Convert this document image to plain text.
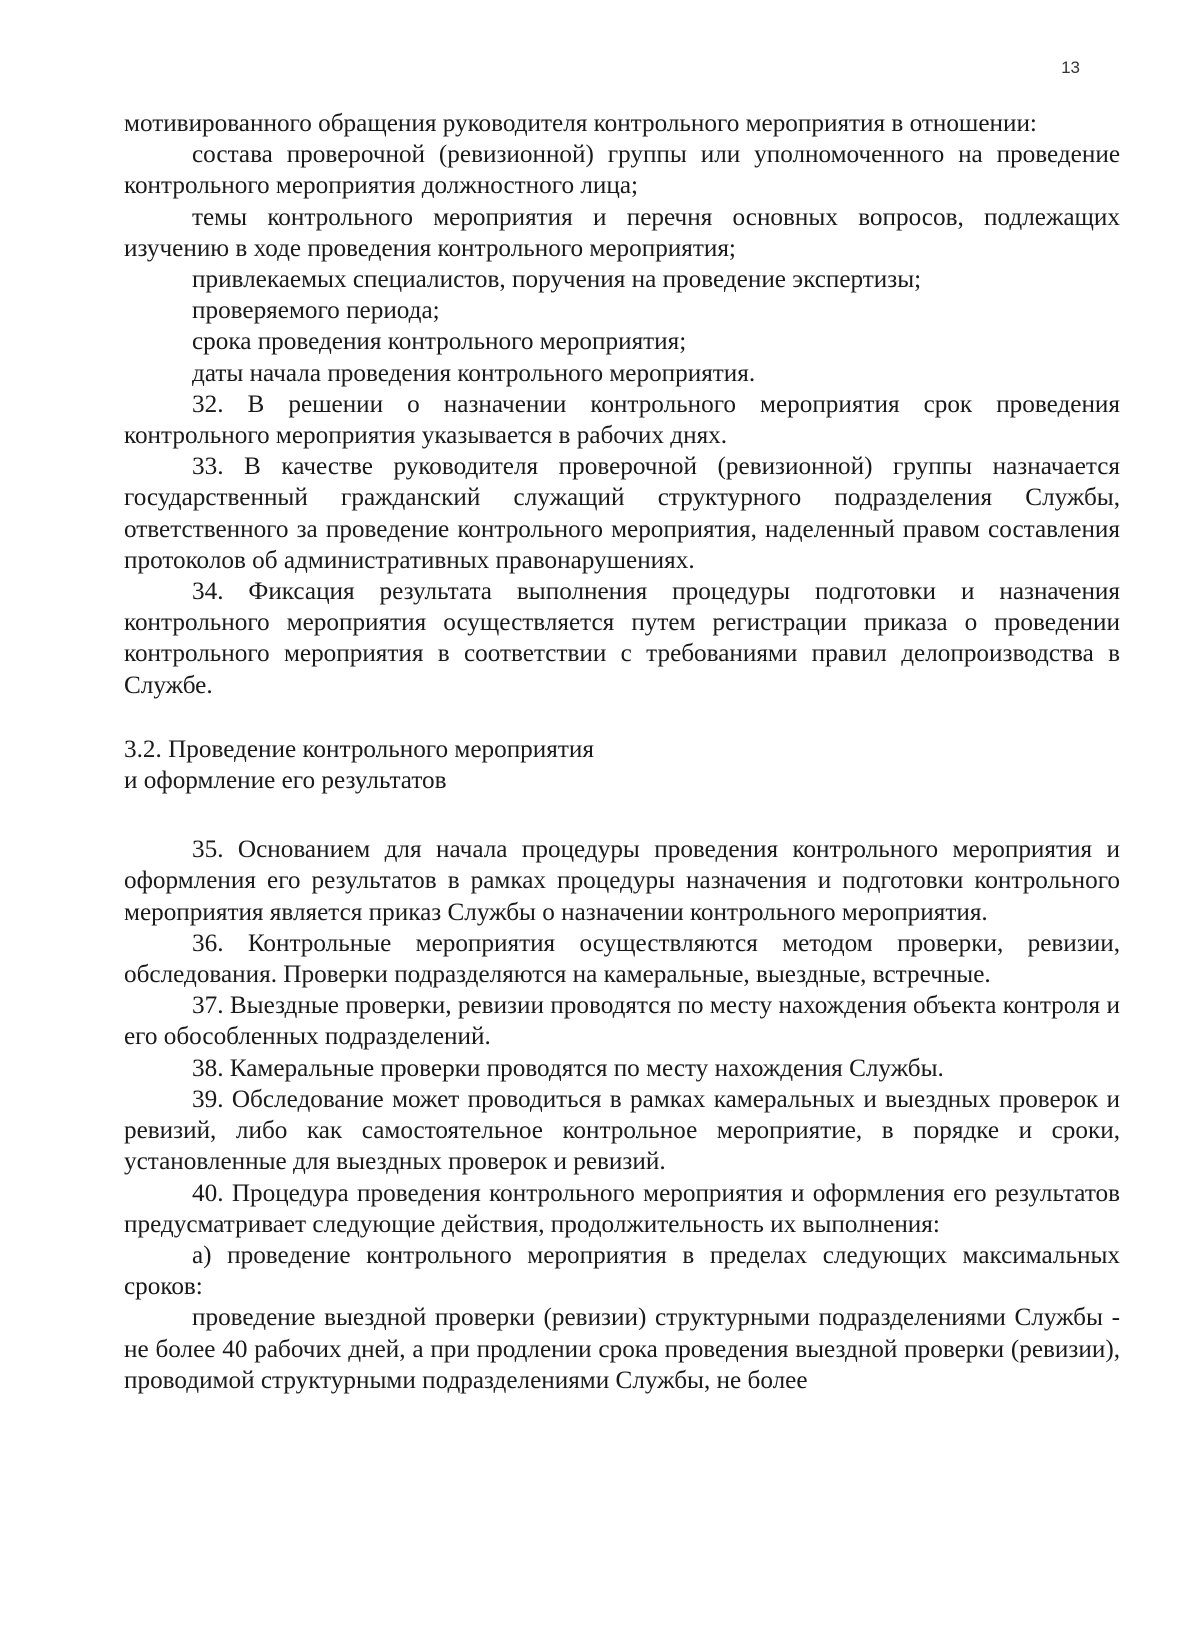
13

мотивированного обращения руководителя контрольного мероприятия в отношении:

состава проверочной (ревизионной) группы или уполномоченного на проведение контрольного мероприятия должностного лица;

темы контрольного мероприятия и перечня основных вопросов, подлежащих изучению в ходе проведения контрольного мероприятия;

привлекаемых специалистов, поручения на проведение экспертизы;

проверяемого периода;

срока проведения контрольного мероприятия;

даты начала проведения контрольного мероприятия.

32. В решении о назначении контрольного мероприятия срок проведения контрольного мероприятия указывается в рабочих днях.

33. В качестве руководителя проверочной (ревизионной) группы назначается государственный гражданский служащий структурного подразделения Службы, ответственного за проведение контрольного мероприятия, наделенный правом составления протоколов об административных правонарушениях.

34. Фиксация результата выполнения процедуры подготовки и назначения контрольного мероприятия осуществляется путем регистрации приказа о проведении контрольного мероприятия в соответствии с требованиями правил делопроизводства в Службе.

3.2. Проведение контрольного мероприятия

и оформление его результатов

35. Основанием для начала процедуры проведения контрольного мероприятия и оформления его результатов в рамках процедуры назначения и подготовки контрольного мероприятия является приказ Службы о назначении контрольного мероприятия.

36. Контрольные мероприятия осуществляются методом проверки, ревизии, обследования. Проверки подразделяются на камеральные, выездные, встречные.

37. Выездные проверки, ревизии проводятся по месту нахождения объекта контроля и его обособленных подразделений.

38. Камеральные проверки проводятся по месту нахождения Службы.

39. Обследование может проводиться в рамках камеральных и выездных проверок и ревизий, либо как самостоятельное контрольное мероприятие, в порядке и сроки, установленные для выездных проверок и ревизий.

40. Процедура проведения контрольного мероприятия и оформления его результатов предусматривает следующие действия, продолжительность их выполнения:

а) проведение контрольного мероприятия в пределах следующих максимальных сроков:

проведение выездной проверки (ревизии) структурными подразделениями Службы - не более 40 рабочих дней, а при продлении срока проведения выездной проверки (ревизии), проводимой структурными подразделениями Службы, не более
